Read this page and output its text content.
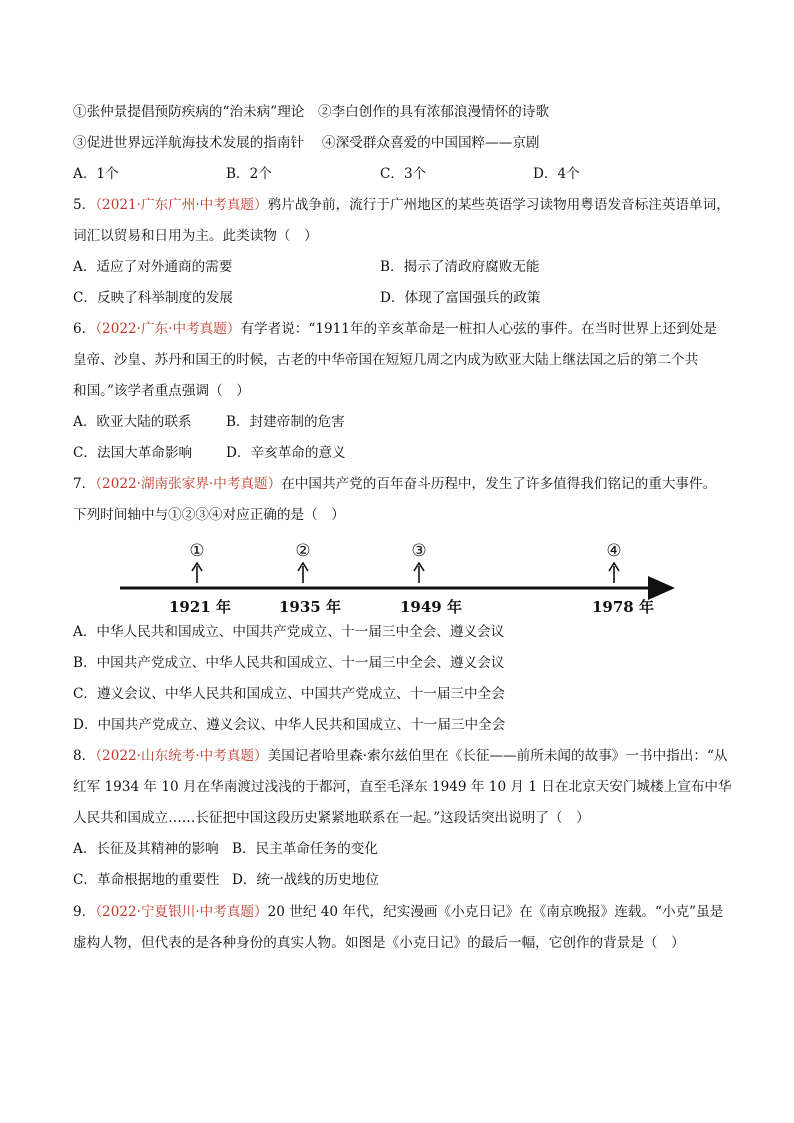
①张仲景提倡预防疾病的“治未病”理论　②李白创作的具有浓郁浪漫情怀的诗歌
③促进世界远洋航海技术发展的指南针　 ④深受群众喜爱的中国国粹——京剧
A．1个	B．2个	C．3个	D．4个
5．（2021·广东广州·中考真题）鸦片战争前，流行于广州地区的某些英语学习读物用粤语发音标注英语单词，
词汇以贸易和日用为主。此类读物（　）
A．适应了对外通商的需要	B．揭示了清政府腐败无能
C．反映了科举制度的发展	D．体现了富国强兵的政策
6．（2022·广东·中考真题）有学者说：“1911年的辛亥革命是一桩扣人心弦的事件。在当时世界上还到处是
皇帝、沙皇、苏丹和国王的时候，古老的中华帝国在短短几周之内成为欧亚大陆上继法国之后的第二个共
和国。”该学者重点强调（　）
A．欧亚大陆的联系	B．封建帝制的危害
C．法国大革命影响 D．辛亥革命的意义
7．（2022·湖南张家界·中考真题）在中国共产党的百年奋斗历程中，发生了许多值得我们铭记的重大事件。
下列时间轴中与①②③④对应正确的是（　）
①
1921 年
②
1935 年
③
1949 年
④
1978 年
A．中华人民共和国成立、中国共产党成立、十一届三中全会、遵义会议
B．中国共产党成立、中华人民共和国成立、十一届三中全会、遵义会议
C．遵义会议、中华人民共和国成立、中国共产党成立、十一届三中全会
D．中国共产党成立、遵义会议、中华人民共和国成立、十一届三中全会
8．（2022·山东统考·中考真题）美国记者哈里森·索尔兹伯里在《长征——前所未闻的故事》一书中指出：“从
红军 1934 年 10 月在华南渡过浅浅的于都河，直至毛泽东 1949 年 10 月 1 日在北京天安门城楼上宣布中华
人民共和国成立……长征把中国这段历史紧紧地联系在一起。”这段话突出说明了（　）
A．长征及其精神的影响 B．民主革命任务的变化
C．革命根据地的重要性 D．统一战线的历史地位
9．（2022·宁夏银川·中考真题）20 世纪 40 年代，纪实漫画《小克日记》在《南京晚报》连载。“小克”虽是
虚构人物，但代表的是各种身份的真实人物。如图是《小克日记》的最后一幅，它创作的背景是（　）
